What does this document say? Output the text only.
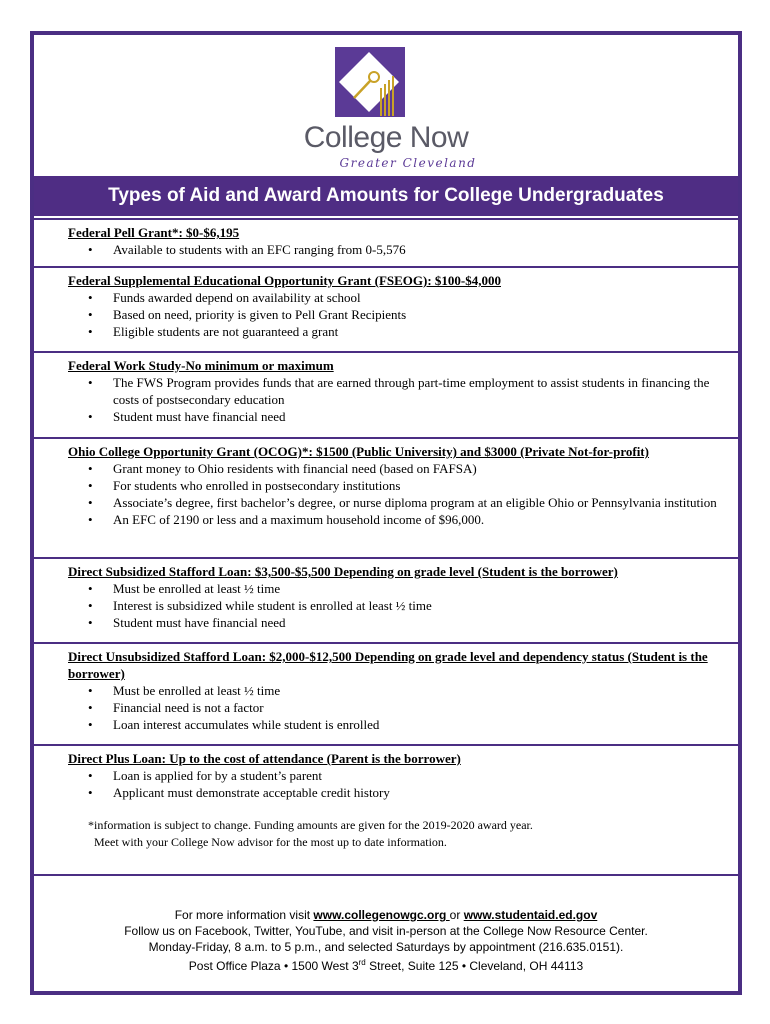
College Now
Greater Cleveland
Types of Aid and Award Amounts for College Undergraduates
Federal Pell Grant*: $0-$6,195
• Available to students with an EFC ranging from 0-5,576
Federal Supplemental Educational Opportunity Grant (FSEOG): $100-$4,000
• Funds awarded depend on availability at school
• Based on need, priority is given to Pell Grant Recipients
• Eligible students are not guaranteed a grant
Federal Work Study-No minimum or maximum
• The FWS Program provides funds that are earned through part-time employment to assist students in financing the costs of postsecondary education
• Student must have financial need
Ohio College Opportunity Grant (OCOG)*: $1500 (Public University) and $3000 (Private Not-for-profit)
• Grant money to Ohio residents with financial need (based on FAFSA)
• For students who enrolled in postsecondary institutions
• Associate’s degree, first bachelor’s degree, or nurse diploma program at an eligible Ohio or Pennsylvania institution
• An EFC of 2190 or less and a maximum household income of $96,000.
Direct Subsidized Stafford Loan: $3,500-$5,500 Depending on grade level (Student is the borrower)
• Must be enrolled at least ½ time
• Interest is subsidized while student is enrolled at least ½ time
• Student must have financial need
Direct Unsubsidized Stafford Loan: $2,000-$12,500 Depending on grade level and dependency status (Student is the borrower)
• Must be enrolled at least ½ time
• Financial need is not a factor
• Loan interest accumulates while student is enrolled
Direct Plus Loan: Up to the cost of attendance (Parent is the borrower)
• Loan is applied for by a student’s parent
• Applicant must demonstrate acceptable credit history
*information is subject to change. Funding amounts are given for the 2019-2020 award year.
Meet with your College Now advisor for the most up to date information.
For more information visit www.collegenowgc.org or www.studentaid.ed.gov
Follow us on Facebook, Twitter, YouTube, and visit in-person at the College Now Resource Center.
Monday-Friday, 8 a.m. to 5 p.m., and selected Saturdays by appointment (216.635.0151).
Post Office Plaza • 1500 West 3rd Street, Suite 125 • Cleveland, OH 44113
